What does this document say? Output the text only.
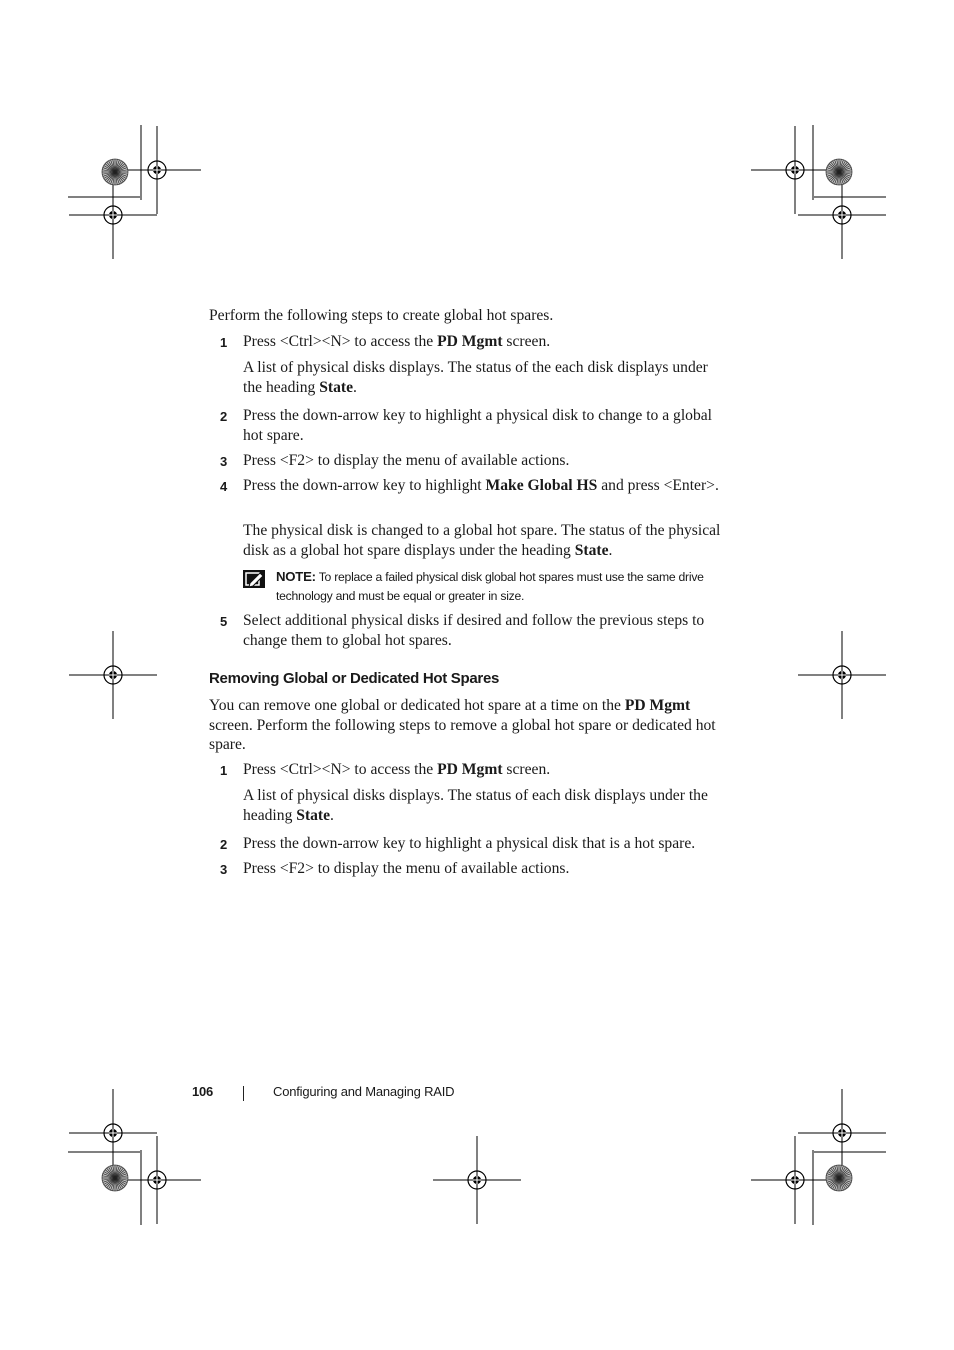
Perform the following steps to create global hot spares.
1 Press <Ctrl><N> to access the PD Mgmt screen.
A list of physical disks displays. The status of the each disk displays under the heading State.
2 Press the down-arrow key to highlight a physical disk to change to a global hot spare.
3 Press <F2> to display the menu of available actions.
4 Press the down-arrow key to highlight Make Global HS and press <Enter>.
The physical disk is changed to a global hot spare. The status of the physical disk as a global hot spare displays under the heading State.
NOTE: To replace a failed physical disk global hot spares must use the same drive technology and must be equal or greater in size.
5 Select additional physical disks if desired and follow the previous steps to change them to global hot spares.
Removing Global or Dedicated Hot Spares
You can remove one global or dedicated hot spare at a time on the PD Mgmt screen. Perform the following steps to remove a global hot spare or dedicated hot spare.
1 Press <Ctrl><N> to access the PD Mgmt screen.
A list of physical disks displays. The status of each disk displays under the heading State.
2 Press the down-arrow key to highlight a physical disk that is a hot spare.
3 Press <F2> to display the menu of available actions.
106	Configuring and Managing RAID
